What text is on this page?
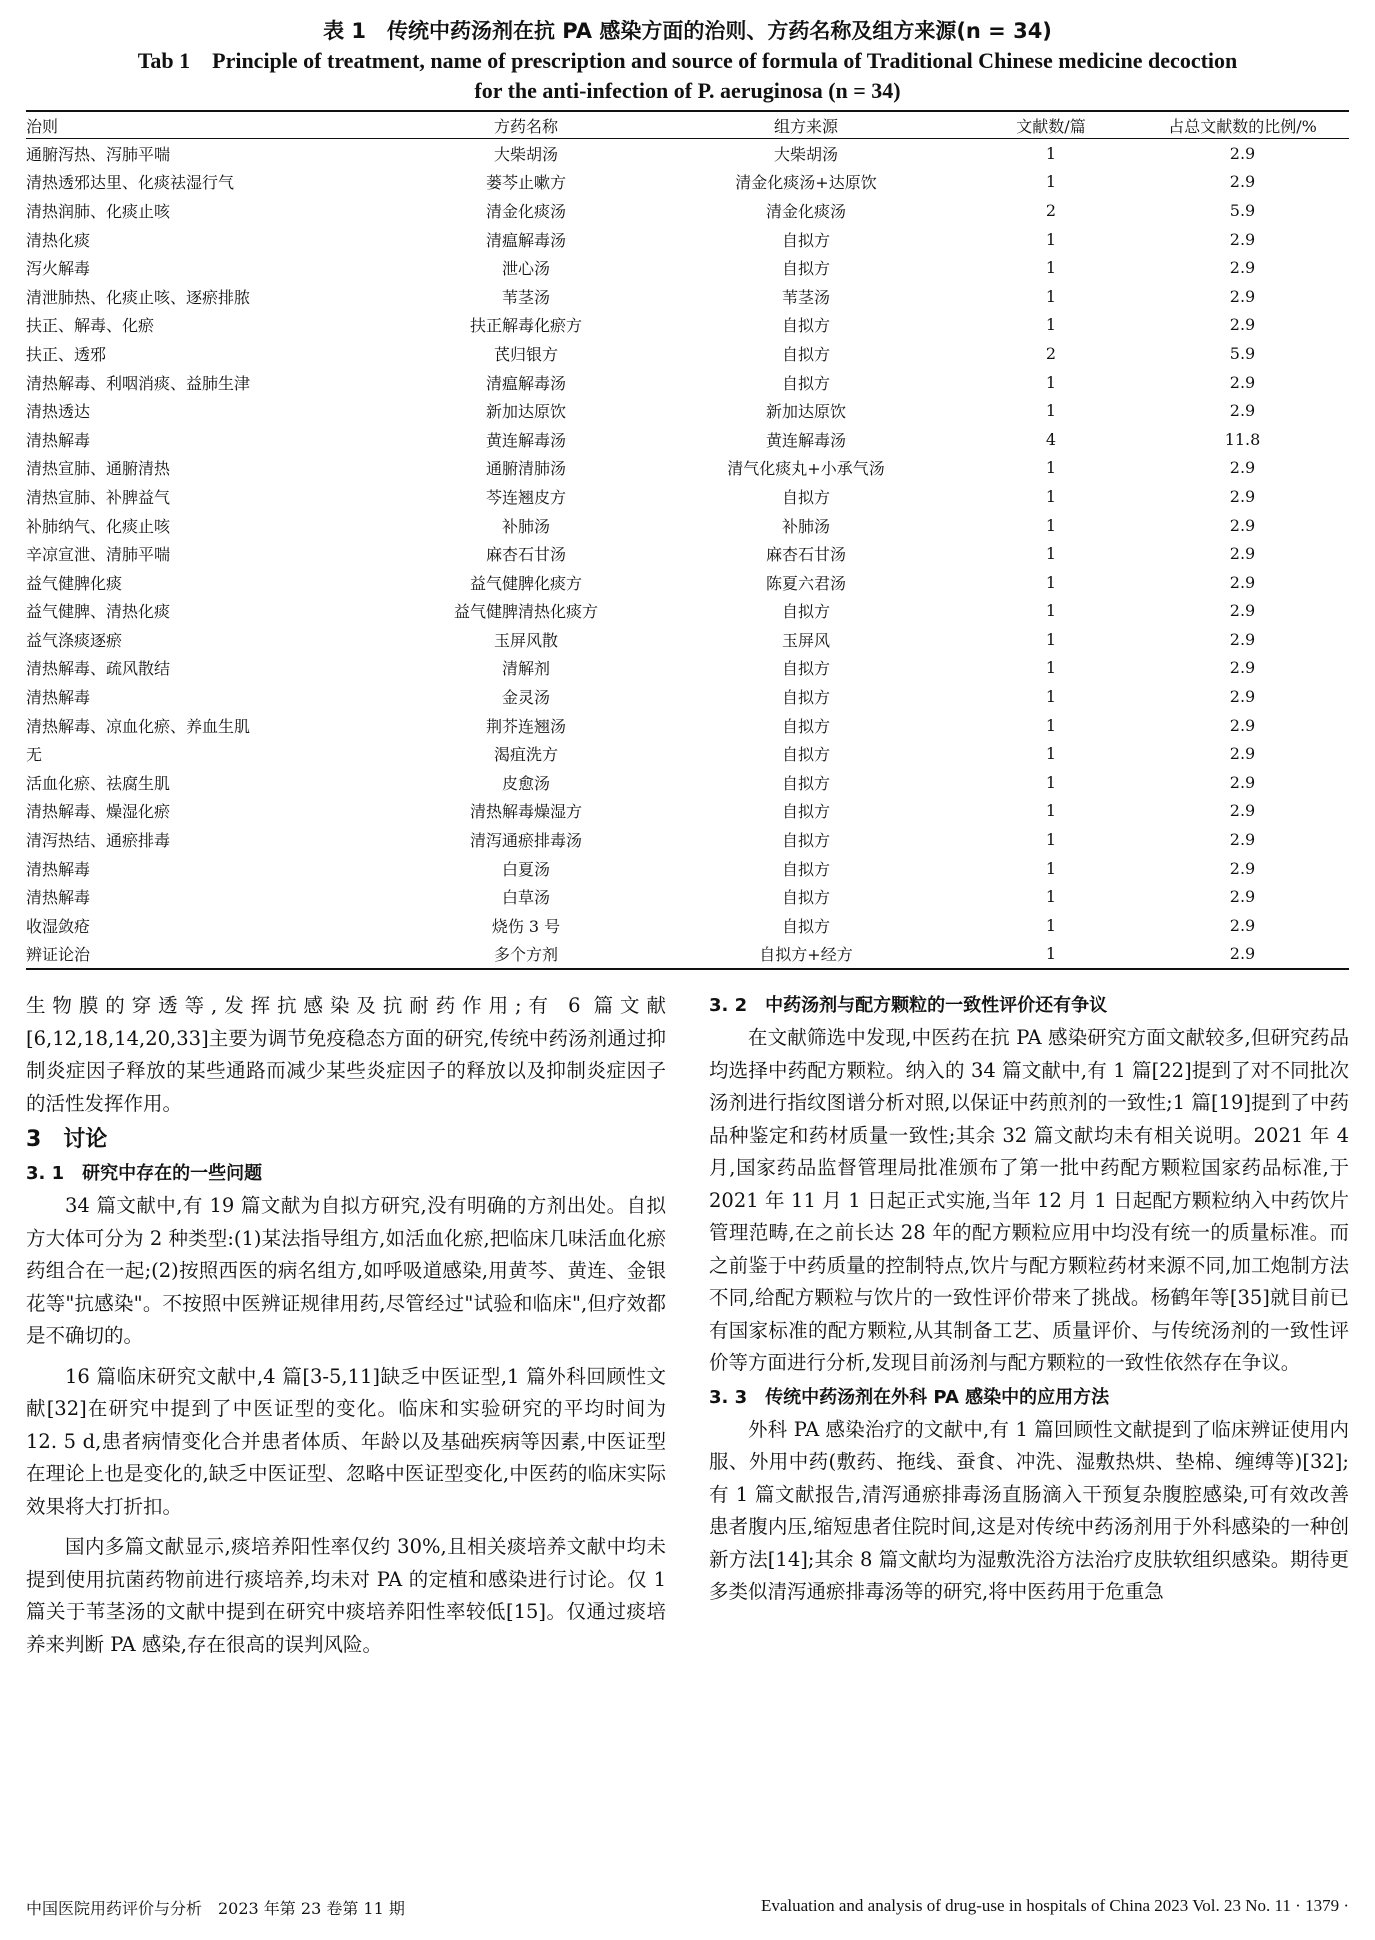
表 1　传统中药汤剂在抗 PA 感染方面的治则、方药名称及组方来源(n = 34)
Tab 1　Principle of treatment, name of prescription and source of formula of Traditional Chinese medicine decoction
for the anti-infection of P. aeruginosa (n = 34)
治则	方药名称	组方来源	文献数/篇	占总文献数的比例/%
通腑泻热、泻肺平喘	大柴胡汤	大柴胡汤	1	2.9
清热透邪达里、化痰祛湿行气	蒌芩止嗽方	清金化痰汤+达原饮	1	2.9
清热润肺、化痰止咳	清金化痰汤	清金化痰汤	2	5.9
清热化痰	清瘟解毒汤	自拟方	1	2.9
泻火解毒	泄心汤	自拟方	1	2.9
清泄肺热、化痰止咳、逐瘀排脓	苇茎汤	苇茎汤	1	2.9
扶正、解毒、化瘀	扶正解毒化瘀方	自拟方	1	2.9
扶正、透邪	芪归银方	自拟方	2	5.9
清热解毒、利咽消痰、益肺生津	清瘟解毒汤	自拟方	1	2.9
清热透达	新加达原饮	新加达原饮	1	2.9
清热解毒	黄连解毒汤	黄连解毒汤	4	11.8
清热宣肺、通腑清热	通腑清肺汤	清气化痰丸+小承气汤	1	2.9
清热宣肺、补脾益气	芩连翘皮方	自拟方	1	2.9
补肺纳气、化痰止咳	补肺汤	补肺汤	1	2.9
辛凉宣泄、清肺平喘	麻杏石甘汤	麻杏石甘汤	1	2.9
益气健脾化痰	益气健脾化痰方	陈夏六君汤	1	2.9
益气健脾、清热化痰	益气健脾清热化痰方	自拟方	1	2.9
益气涤痰逐瘀	玉屏风散	玉屏风	1	2.9
清热解毒、疏风散结	清解剂	自拟方	1	2.9
清热解毒	金灵汤	自拟方	1	2.9
清热解毒、凉血化瘀、养血生肌	荆芥连翘汤	自拟方	1	2.9
无	渴疽洗方	自拟方	1	2.9
活血化瘀、祛腐生肌	皮愈汤	自拟方	1	2.9
清热解毒、燥湿化瘀	清热解毒燥湿方	自拟方	1	2.9
清泻热结、通瘀排毒	清泻通瘀排毒汤	自拟方	1	2.9
清热解毒	白夏汤	自拟方	1	2.9
清热解毒	白草汤	自拟方	1	2.9
收湿敛疮	烧伤 3 号	自拟方	1	2.9
辨证论治	多个方剂	自拟方+经方	1	2.9

生物膜的穿透等,发挥抗感染及抗耐药作用;有 6 篇文献[6,12,18,14,20,33]主要为调节免疫稳态方面的研究,传统中药汤剂通过抑制炎症因子释放的某些通路而减少某些炎症因子的释放以及抑制炎症因子的活性发挥作用。

3　讨论
3. 1　研究中存在的一些问题

34 篇文献中,有 19 篇文献为自拟方研究,没有明确的方剂出处。自拟方大体可分为 2 种类型:(1)某法指导组方,如活血化瘀,把临床几味活血化瘀药组合在一起;(2)按照西医的病名组方,如呼吸道感染,用黄芩、黄连、金银花等"抗感染"。不按照中医辨证规律用药,尽管经过"试验和临床",但疗效都是不确切的。

16 篇临床研究文献中,4 篇[3-5,11]缺乏中医证型,1 篇外科回顾性文献[32]在研究中提到了中医证型的变化。临床和实验研究的平均时间为 12. 5 d,患者病情变化合并患者体质、年龄以及基础疾病等因素,中医证型在理论上也是变化的,缺乏中医证型、忽略中医证型变化,中医药的临床实际效果将大打折扣。

国内多篇文献显示,痰培养阳性率仅约 30%,且相关痰培养文献中均未提到使用抗菌药物前进行痰培养,均未对 PA 的定植和感染进行讨论。仅 1 篇关于苇茎汤的文献中提到在研究中痰培养阳性率较低[15]。仅通过痰培养来判断 PA 感染,存在很高的误判风险。

3. 2　中药汤剂与配方颗粒的一致性评价还有争议

在文献筛选中发现,中医药在抗 PA 感染研究方面文献较多,但研究药品均选择中药配方颗粒。纳入的 34 篇文献中,有 1 篇[22]提到了对不同批次汤剂进行指纹图谱分析对照,以保证中药煎剂的一致性;1 篇[19]提到了中药品种鉴定和药材质量一致性;其余 32 篇文献均未有相关说明。2021 年 4 月,国家药品监督管理局批准颁布了第一批中药配方颗粒国家药品标准,于 2021 年 11 月 1 日起正式实施,当年 12 月 1 日起配方颗粒纳入中药饮片管理范畴,在之前长达 28 年的配方颗粒应用中均没有统一的质量标准。而之前鉴于中药质量的控制特点,饮片与配方颗粒药材来源不同,加工炮制方法不同,给配方颗粒与饮片的一致性评价带来了挑战。杨鹤年等[35]就目前已有国家标准的配方颗粒,从其制备工艺、质量评价、与传统汤剂的一致性评价等方面进行分析,发现目前汤剂与配方颗粒的一致性依然存在争议。

3. 3　传统中药汤剂在外科 PA 感染中的应用方法

外科 PA 感染治疗的文献中,有 1 篇回顾性文献提到了临床辨证使用内服、外用中药(敷药、拖线、蚕食、冲洗、湿敷热烘、垫棉、缠缚等)[32];有 1 篇文献报告,清泻通瘀排毒汤直肠滴入干预复杂腹腔感染,可有效改善患者腹内压,缩短患者住院时间,这是对传统中药汤剂用于外科感染的一种创新方法[14];其余 8 篇文献均为湿敷洗浴方法治疗皮肤软组织感染。期待更多类似清泻通瘀排毒汤等的研究,将中医药用于危重急

中国医院用药评价与分析　2023 年第 23 卷第 11 期	Evaluation and analysis of drug-use in hospitals of China 2023 Vol. 23 No. 11 · 1379 ·
